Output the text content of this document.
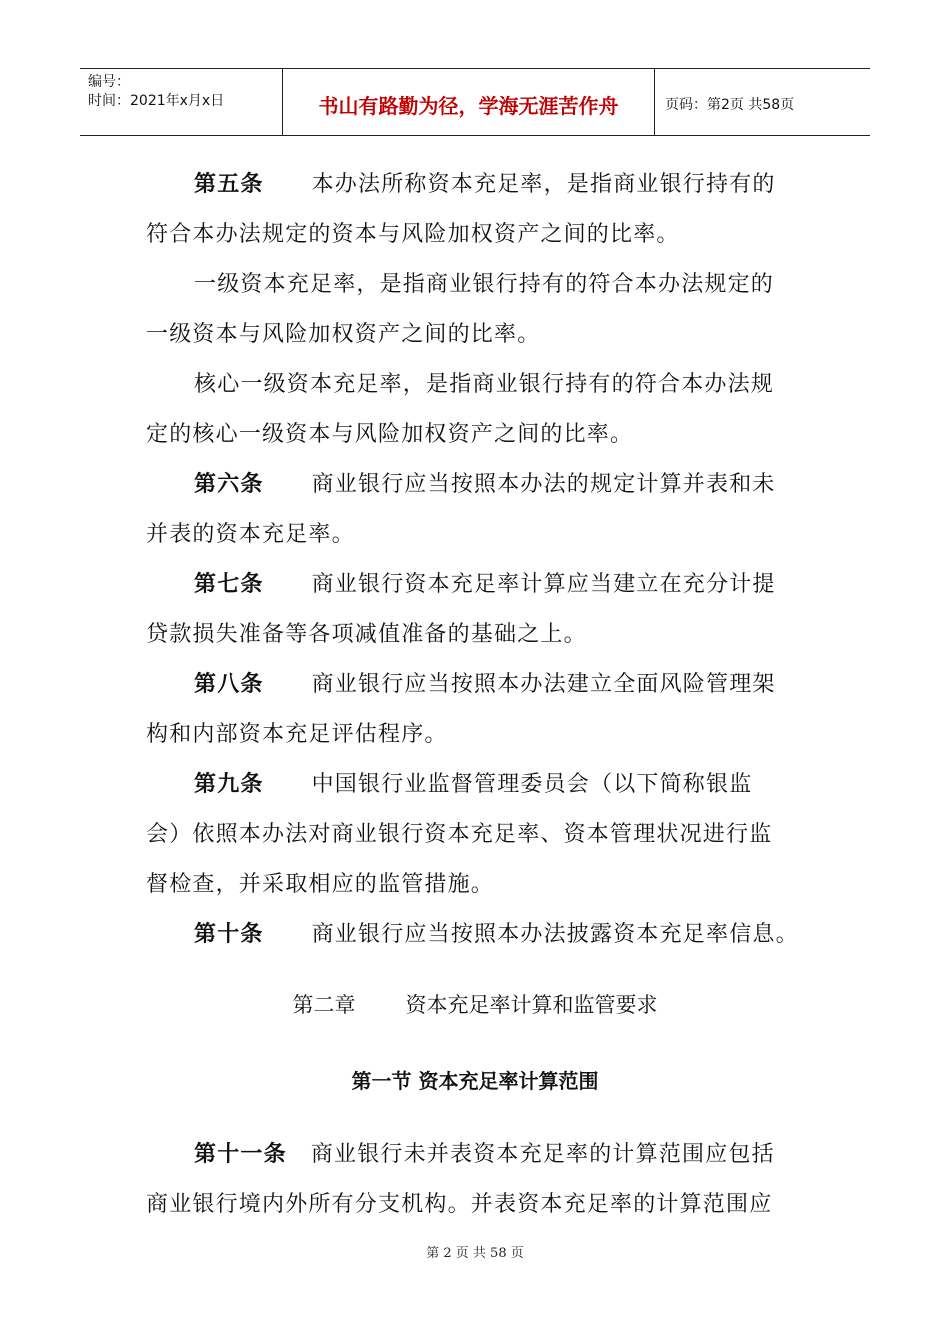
编号：
时间：2021年x月x日	书山有路勤为径，学海无涯苦作舟	页码：第2页 共58页
第五条 本办法所称资本充足率，是指商业银行持有的
符合本办法规定的资本与风险加权资产之间的比率。
一级资本充足率，是指商业银行持有的符合本办法规定的
一级资本与风险加权资产之间的比率。
核心一级资本充足率，是指商业银行持有的符合本办法规
定的核心一级资本与风险加权资产之间的比率。
第六条 商业银行应当按照本办法的规定计算并表和未
并表的资本充足率。
第七条 商业银行资本充足率计算应当建立在充分计提
贷款损失准备等各项减值准备的基础之上。
第八条 商业银行应当按照本办法建立全面风险管理架
构和内部资本充足评估程序。
第九条 中国银行业监督管理委员会（以下简称银监
会）依照本办法对商业银行资本充足率、资本管理状况进行监
督检查，并采取相应的监管措施。
第十条 商业银行应当按照本办法披露资本充足率信息。
第二章 资本充足率计算和监管要求
第一节 资本充足率计算范围
第十一条 商业银行未并表资本充足率的计算范围应包括
商业银行境内外所有分支机构。并表资本充足率的计算范围应
第 2 页 共 58 页
